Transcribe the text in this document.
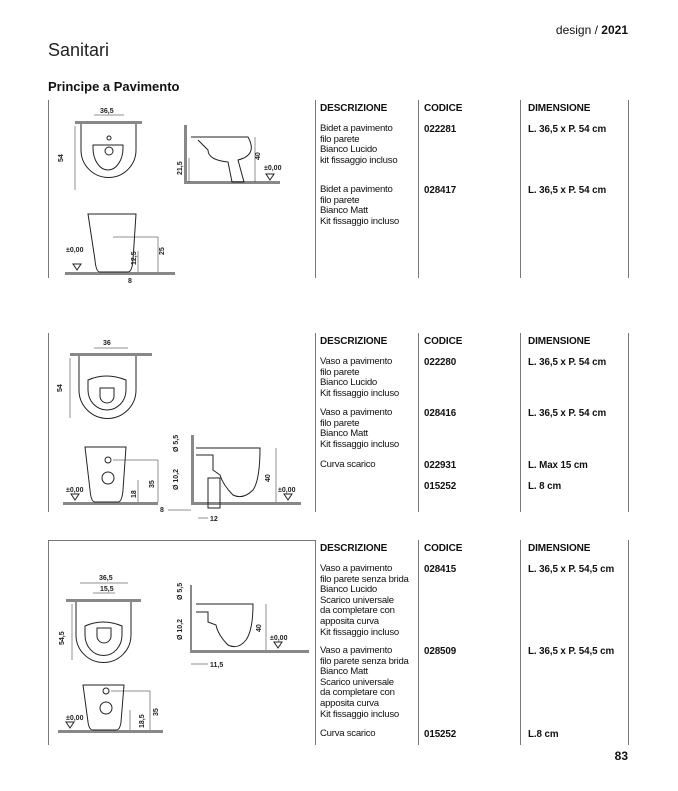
design / 2021
Sanitari
Principe a Pavimento
36,5
54	40
±0,00
21,5
12,5
25
8
±0,00
DESCRIZIONE	CODICE	DIMENSIONE
Bidet a pavimento
filo parete
Bianco Lucido
kit fissaggio incluso
022281	L. 36,5 x P. 54 cm
Bidet a pavimento
filo parete
Bianco Matt
Kit fissaggio incluso
028417	L. 36,5 x P. 54 cm
36
54
±0,00	18
35
Ø 5,5
Ø 10,2
8
12
40
±0,00
DESCRIZIONE	CODICE	DIMENSIONE
Vaso a pavimento
filo parete
Bianco Lucido
Kit fissaggio incluso
022280	L. 36,5 x P. 54 cm
Vaso a pavimento
filo parete
Bianco Matt
Kit fissaggio incluso
028416	L. 36,5 x P. 54 cm
Curva scarico	022931	L. Max 15 cm
015252	L. 8 cm
36,5
15,5
54,5
Ø 5,5
Ø 10,2
11,5
40
±0,00
±0,00	18,5
35
DESCRIZIONE	CODICE	DIMENSIONE
Vaso a pavimento
filo parete senza brida
Bianco Lucido
Scarico universale
da completare con
apposita curva
Kit fissaggio incluso
028415	L. 36,5 x P. 54,5 cm
Vaso a pavimento
filo parete senza brida
Bianco Matt
Scarico universale
da completare con
apposita curva
Kit fissaggio incluso
028509	L. 36,5 x P. 54,5 cm
Curva scarico	015252	L.8 cm
83
